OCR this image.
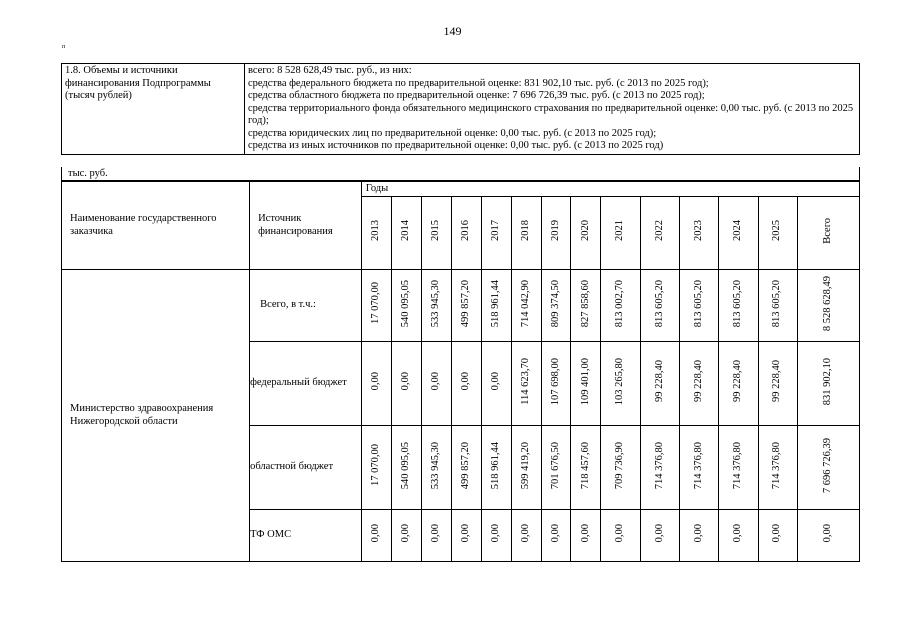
149
п
1.8. Объемы и источники финансирования Подпрограммы (тысяч рублей)	
всего: 8 528 628,49 тыс. руб., из них:
средства федерального бюджета по предварительной оценке: 831 902,10 тыс. руб. (с 2013 по 2025 год);
средства областного бюджета по предварительной оценке: 7 696 726,39 тыс. руб. (с 2013 по 2025 год);
средства территориального фонда обязательного медицинского страхования по предварительной оценке: 0,00 тыс. руб. (с 2013 по 2025 год);
средства юридических лиц по предварительной оценке: 0,00 тыс. руб. (с 2013 по 2025 год);
средства из иных источников по предварительной оценке: 0,00 тыс. руб. (с 2013 по 2025 год)
тыс. руб.
Наименование государственного заказчика	Источник финансирования	Годы													
		2013	2014	2015	2016	2017	2018	2019	2020	2021	2022	2023	2024	2025	Всего
Министерство здравоохранения Нижегородской области	Всего, в т.ч.:	17 070,00	540 095,05	533 945,30	499 857,20	518 961,44	714 042,90	809 374,50	827 858,60	813 002,70	813 605,20	813 605,20	813 605,20	813 605,20	8 528 628,49
	федеральный бюджет	0,00	0,00	0,00	0,00	0,00	114 623,70	107 698,00	109 401,00	103 265,80	99 228,40	99 228,40	99 228,40	99 228,40	831 902,10
	областной бюджет	17 070,00	540 095,05	533 945,30	499 857,20	518 961,44	599 419,20	701 676,50	718 457,60	709 736,90	714 376,80	714 376,80	714 376,80	714 376,80	7 696 726,39
	ТФ ОМС	0,00	0,00	0,00	0,00	0,00	0,00	0,00	0,00	0,00	0,00	0,00	0,00	0,00	0,00
